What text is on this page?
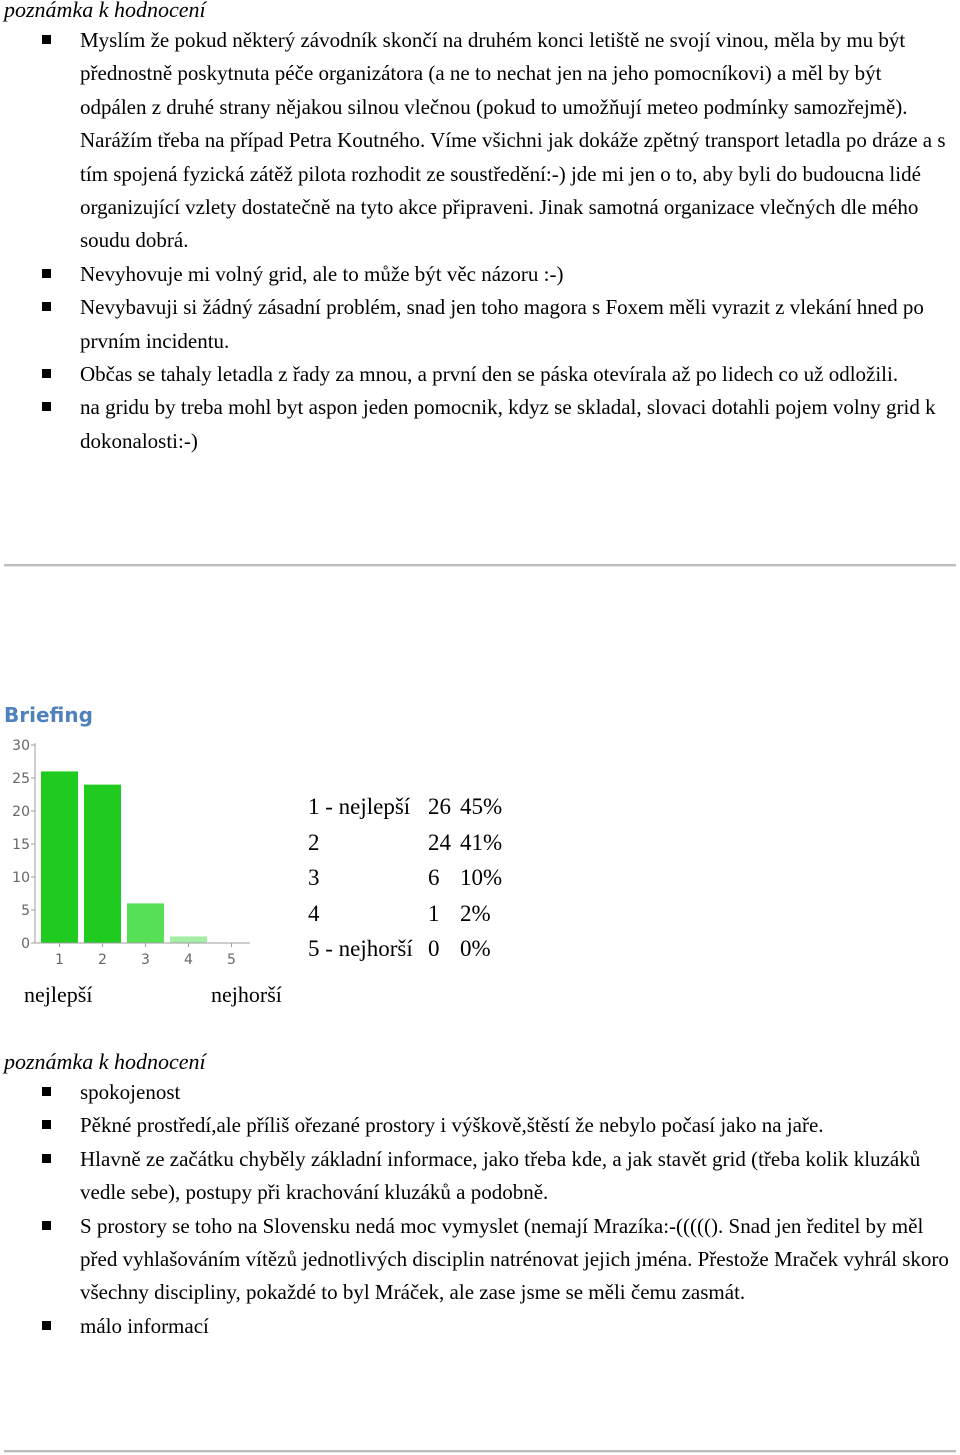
poznámka k hodnocení
Myslím že pokud některý závodník skončí na druhém konci letiště ne svojí vinou, měla by mu být přednostně poskytnuta péče organizátora (a ne to nechat jen na jeho pomocníkovi) a měl by být odpálen z druhé strany nějakou silnou vlečnou (pokud to umožňují meteo podmínky samozřejmě). Narážím třeba na případ Petra Koutného. Víme všichni jak dokáže zpětný transport letadla po dráze a s tím spojená fyzická zátěž pilota rozhodit ze soustředění:-) jde mi jen o to, aby byli do budoucna lidé organizující vzlety dostatečně na tyto akce připraveni. Jinak samotná organizace vlečných dle mého soudu dobrá.
Nevyhovuje mi volný grid, ale to může být věc názoru :-)
Nevybavuji si žádný zásadní problém, snad jen toho magora s Foxem měli vyrazit z vlekání hned po prvním incidentu.
Občas se tahaly letadla z řady za mnou, a první den se páska otevírala až po lidech co už odložili.
na gridu by treba mohl byt aspon jeden pomocnik, kdyz se skladal, slovaci dotahli pojem volny grid k dokonalosti:-)
Briefing
0
5
10
15
20
25
30
1 2 3 4 5
1 - nejlepší 26 45%
2	24 41%
3	6 10%
4	1 2%
5 - nejhorší 0 0%
nejlepší	nejhorší
poznámka k hodnocení
spokojenost
Pěkné prostředí,ale příliš ořezané prostory i výškově,štěstí že nebylo počasí jako na jaře.
Hlavně ze začátku chyběly základní informace, jako třeba kde, a jak stavět grid (třeba kolik kluzáků vedle sebe), postupy při krachování kluzáků a podobně.
S prostory se toho na Slovensku nedá moc vymyslet (nemají Mrazíka:-(((((). Snad jen ředitel by měl před vyhlašováním vítězů jednotlivých disciplin natrénovat jejich jména. Přestože Mraček vyhrál skoro všechny discipliny, pokaždé to byl Mráček, ale zase jsme se měli čemu zasmát.
málo informací
